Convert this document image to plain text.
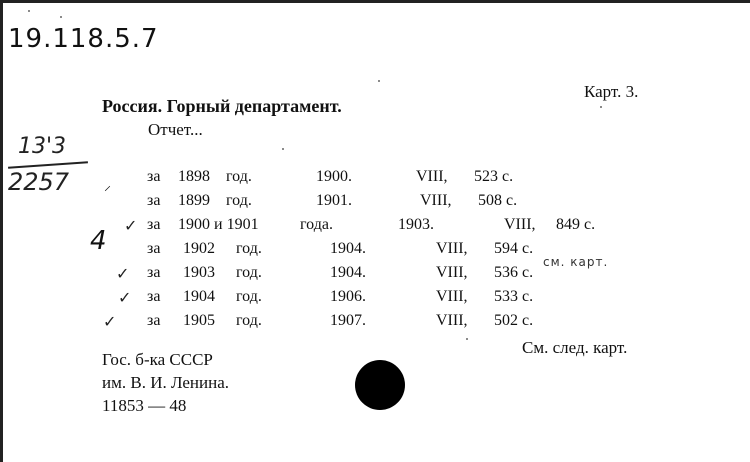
19.118.5.7
13'3
2257
Карт. 3.
Россия. Горный департамент.
Отчет...
⸝
4
за 1898 год.	1900.	VIII, 523 с.
за 1899 год.	1901.	VIII, 508 с.
✓ за 1900 и 1901	года.	1903.	VIII, 849 с.
за 1902 год.	1904.	VIII, 594 с.
✓ за 1903 год.	1904.	VIII, 536 с.
✓ за 1904 год.	1906.	VIII, 533 с.
✓ за 1905 год.	1907.	VIII, 502 с.
см. карт.
См. след. карт.
Гос. б-ка СССР
им. В. И. Ленина.
11853 — 48
